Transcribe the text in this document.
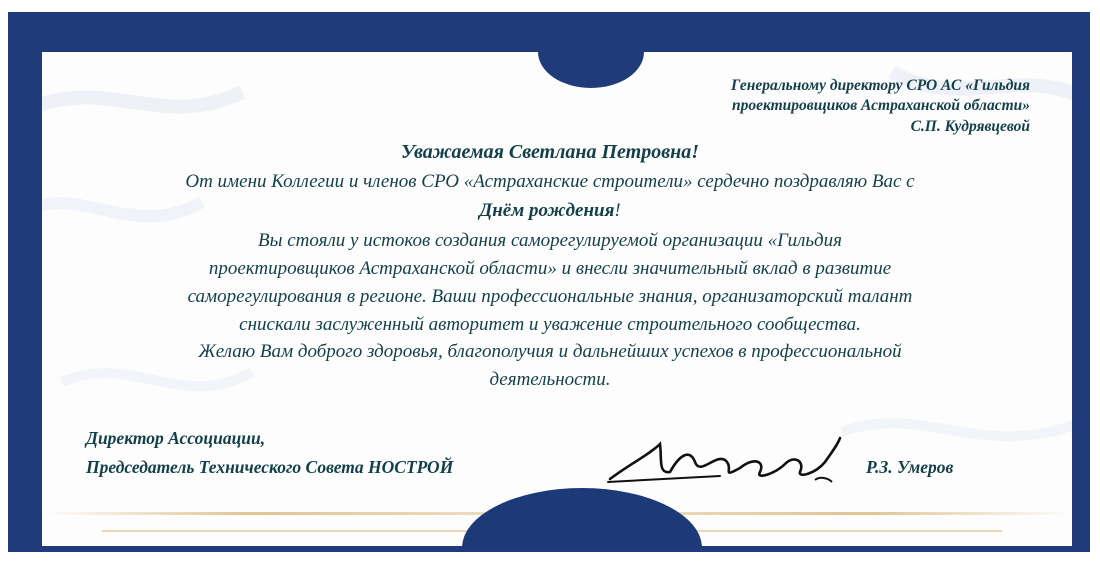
Генеральному директору СРО АС «Гильдия
проектировщиков Астраханской области»
С.П. Кудрявцевой
Уважаемая Светлана Петровна!
От имени Коллегии и членов СРО «Астраханские строители» сердечно поздравляю Вас с
Днём рождения!
Вы стояли у истоков создания саморегулируемой организации «Гильдия
проектировщиков Астраханской области» и внесли значительный вклад в развитие
саморегулирования в регионе. Ваши профессиональные знания, организаторский талант
снискали заслуженный авторитет и уважение строительного сообщества.
Желаю Вам доброго здоровья, благополучия и дальнейших успехов в профессиональной
деятельности.
Директор Ассоциации,
Председатель Технического Совета НОСТРОЙ	Р.З. Умеров
